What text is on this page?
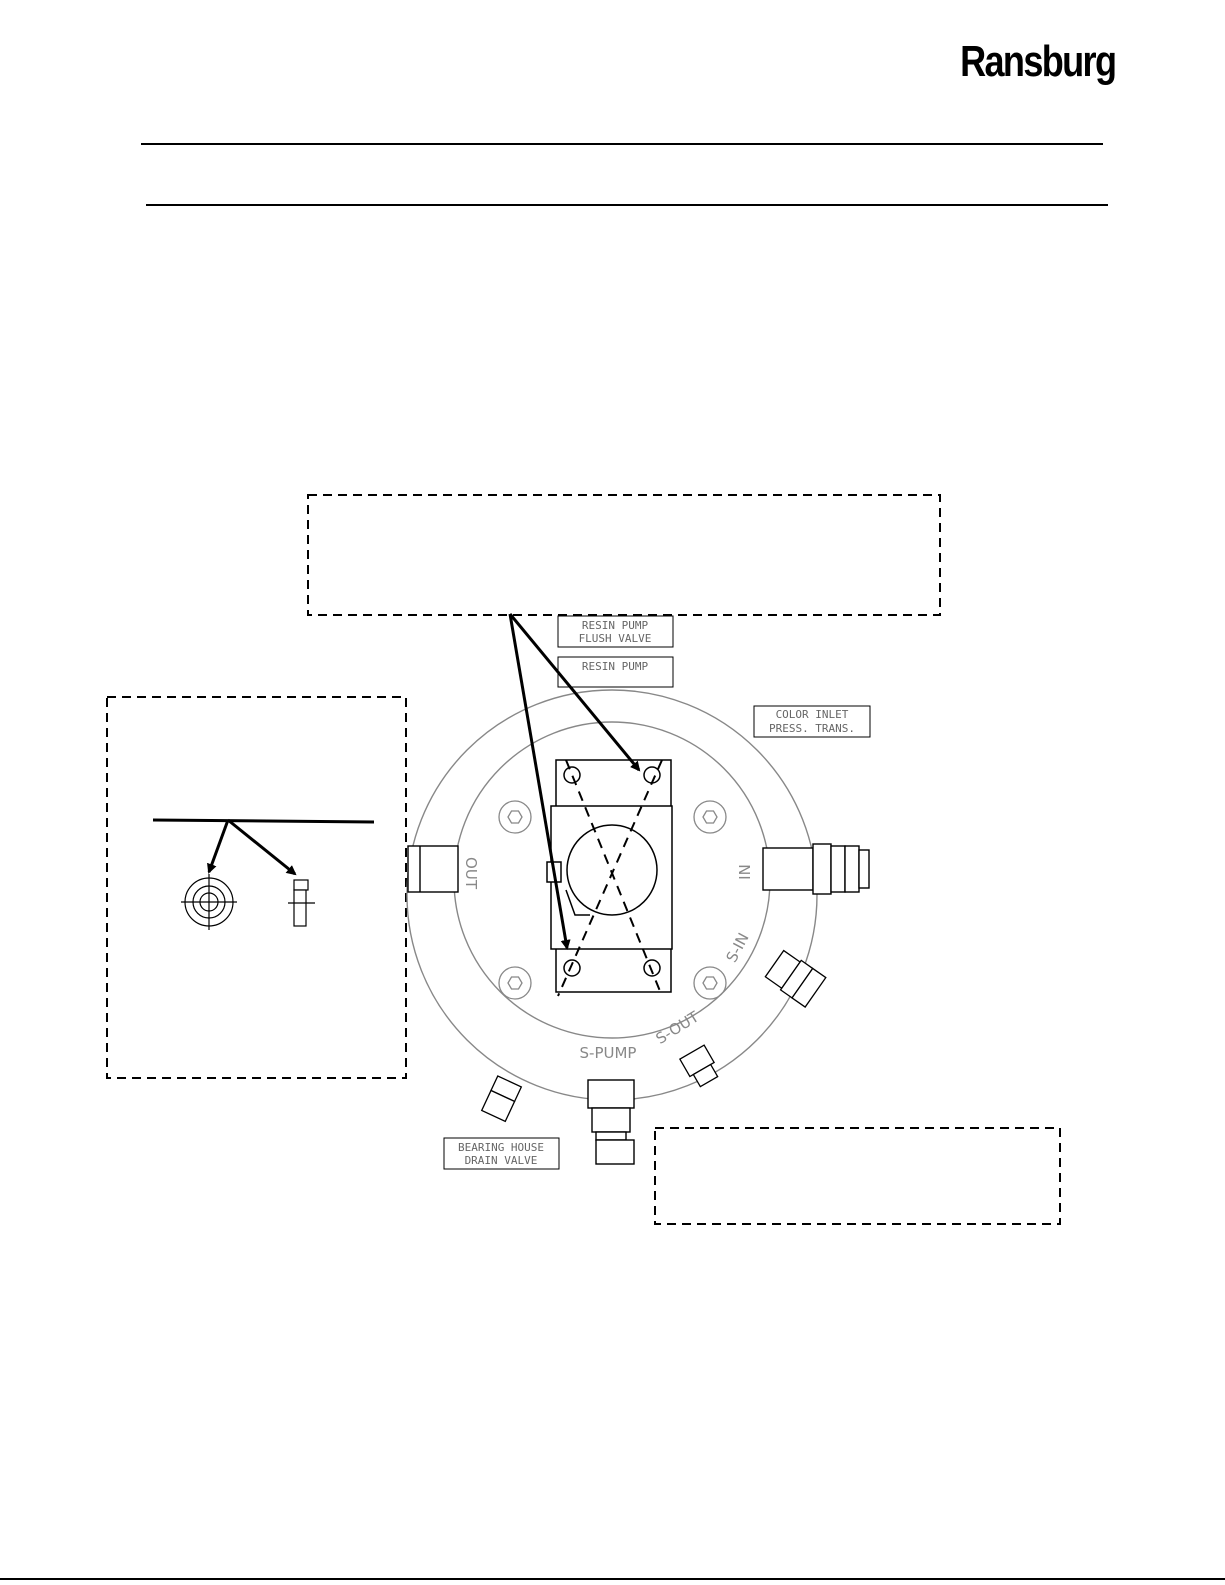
Ransburg
OUT	IN
S-IN
S-OUT
S-PUMP
RESIN PUMP
FLUSH VALVE
RESIN PUMP
COLOR INLET
PRESS. TRANS.
BEARING HOUSE
DRAIN VALVE
